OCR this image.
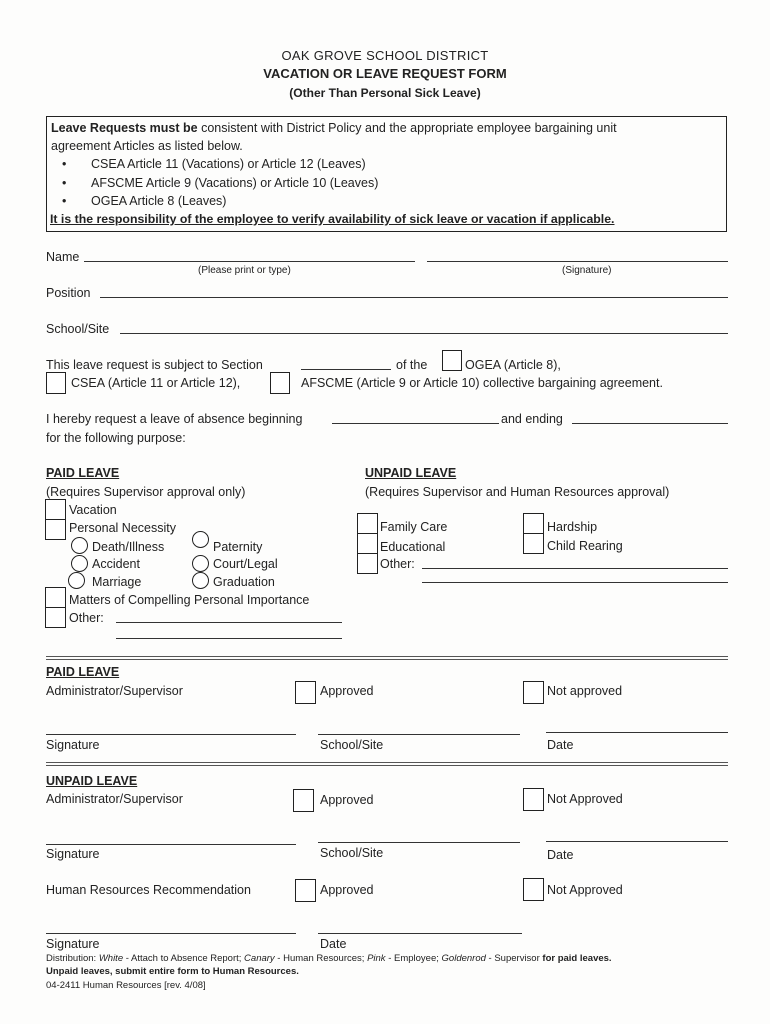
OAK GROVE SCHOOL DISTRICT
VACATION OR LEAVE REQUEST FORM
(Other Than Personal Sick Leave)
Leave Requests must be consistent with District Policy and the appropriate employee bargaining unit
agreement Articles as listed below.
• CSEA Article 11 (Vacations) or Article 12 (Leaves)
• AFSCME Article 9 (Vacations) or Article 10 (Leaves)
• OGEA Article 8 (Leaves)
It is the responsibility of the employee to verify availability of sick leave or vacation if applicable.
Name
(Please print or type)	(Signature)
Position
School/Site
This leave request is subject to Section	of the	OGEA (Article 8),
CSEA (Article 11 or Article 12),	AFSCME (Article 9 or Article 10) collective bargaining agreement.
I hereby request a leave of absence beginning	and ending
for the following purpose:
PAID LEAVE
(Requires Supervisor approval only)
Vacation
Personal Necessity
Death/Illness
Accident
Marriage
Paternity
Court/Legal
Graduation
Matters of Compelling Personal Importance
Other:
UNPAID LEAVE
(Requires Supervisor and Human Resources approval)
Family Care
Educational
Other:
Hardship
Child Rearing
PAID LEAVE
Administrator/Supervisor	Approved	Not approved
Signature	School/Site	Date
UNPAID LEAVE
Administrator/Supervisor	Approved	Not Approved
Signature	School/Site	Date
Human Resources Recommendation	Approved	Not Approved
Signature	Date
Distribution: White - Attach to Absence Report; Canary - Human Resources; Pink - Employee; Goldenrod - Supervisor for paid leaves.
Unpaid leaves, submit entire form to Human Resources.
04-2411 Human Resources [rev. 4/08]
